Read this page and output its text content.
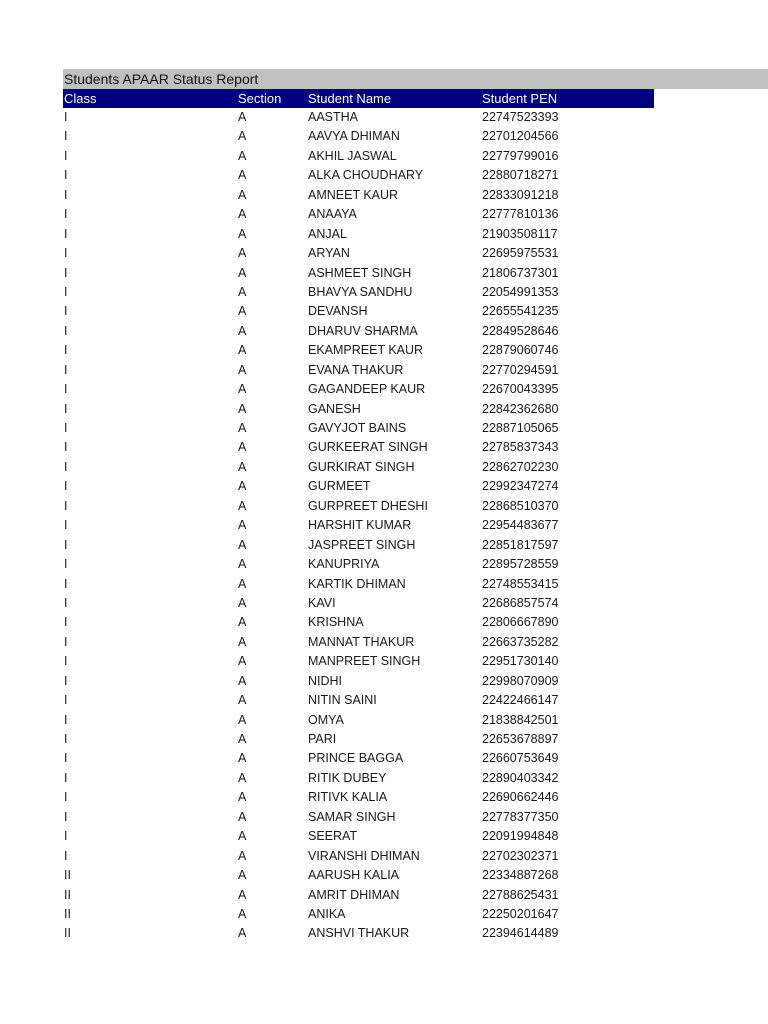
Students APAAR Status Report
Class	Section	Student Name	Student PEN
I	A	AASTHA	22747523393
I	A	AAVYA DHIMAN	22701204566
I	A	AKHIL JASWAL	22779799016
I	A	ALKA CHOUDHARY	22880718271
I	A	AMNEET KAUR	22833091218
I	A	ANAAYA	22777810136
I	A	ANJAL	21903508117
I	A	ARYAN	22695975531
I	A	ASHMEET SINGH	21806737301
I	A	BHAVYA SANDHU	22054991353
I	A	DEVANSH	22655541235
I	A	DHARUV SHARMA	22849528646
I	A	EKAMPREET KAUR	22879060746
I	A	EVANA THAKUR	22770294591
I	A	GAGANDEEP KAUR	22670043395
I	A	GANESH	22842362680
I	A	GAVYJOT BAINS	22887105065
I	A	GURKEERAT SINGH	22785837343
I	A	GURKIRAT SINGH	22862702230
I	A	GURMEET	22992347274
I	A	GURPREET DHESHI	22868510370
I	A	HARSHIT KUMAR	22954483677
I	A	JASPREET SINGH	22851817597
I	A	KANUPRIYA	22895728559
I	A	KARTIK DHIMAN	22748553415
I	A	KAVI	22686857574
I	A	KRISHNA	22806667890
I	A	MANNAT THAKUR	22663735282
I	A	MANPREET SINGH	22951730140
I	A	NIDHI	22998070909
I	A	NITIN SAINI	22422466147
I	A	OMYA	21838842501
I	A	PARI	22653678897
I	A	PRINCE BAGGA	22660753649
I	A	RITIK DUBEY	22890403342
I	A	RITIVK KALIA	22690662446
I	A	SAMAR SINGH	22778377350
I	A	SEERAT	22091994848
I	A	VIRANSHI DHIMAN	22702302371
II	A	AARUSH KALIA	22334887268
II	A	AMRIT DHIMAN	22788625431
II	A	ANIKA	22250201647
II	A	ANSHVI THAKUR	22394614489
